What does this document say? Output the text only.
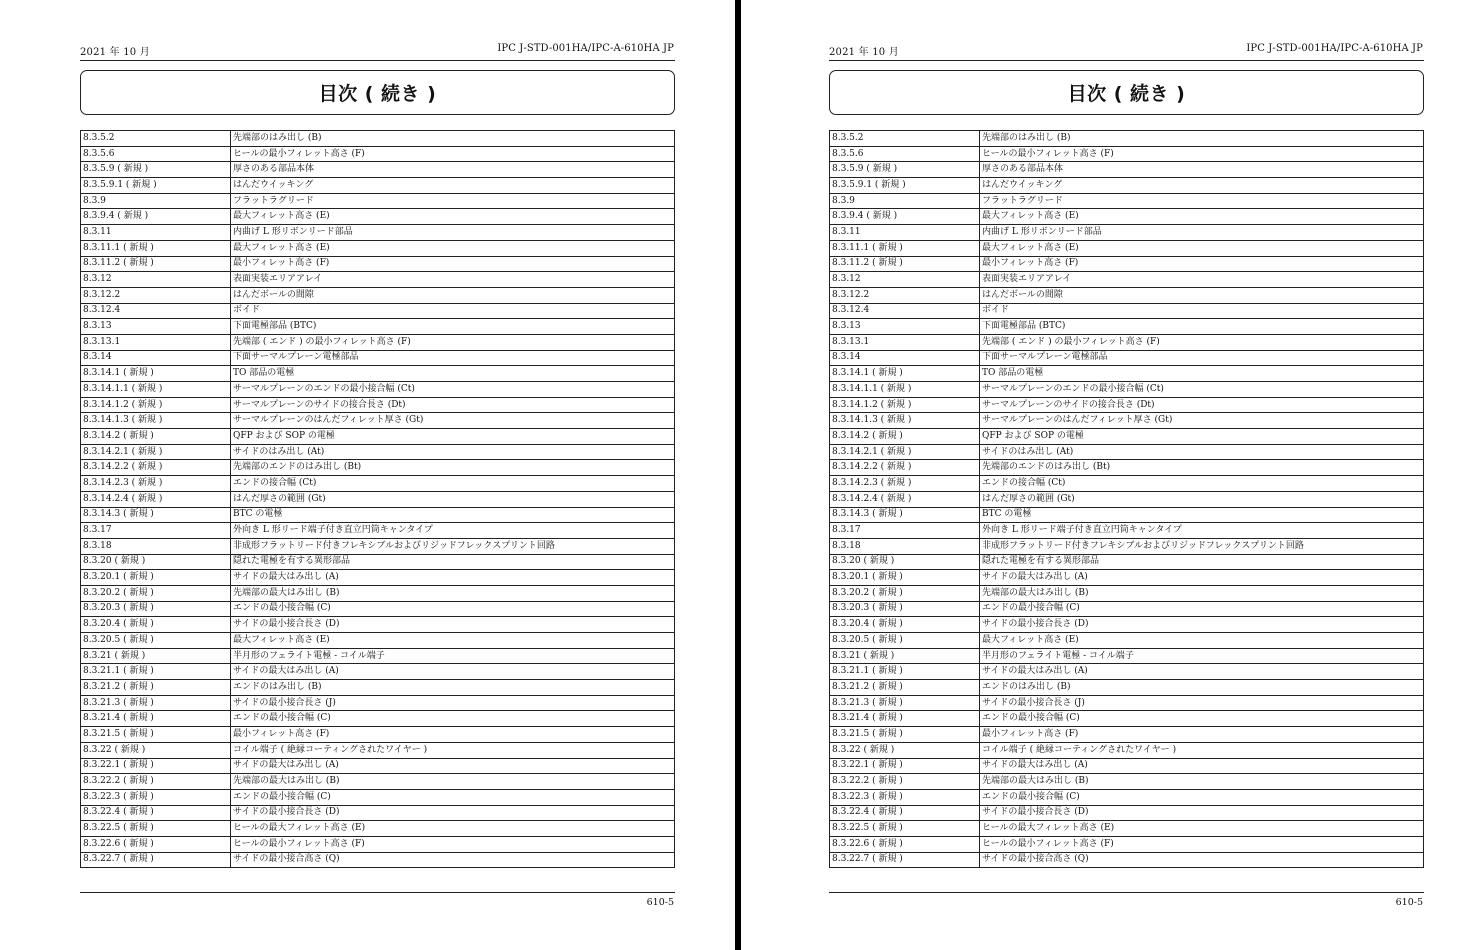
2021 年 10 月	IPC J-STD-001HA/IPC-A-610HA JP
目次 ( 続き )
8.3.5.2	先端部のはみ出し (B)
8.3.5.6	ヒールの最小フィレット高さ (F)
8.3.5.9 ( 新規 )	厚さのある部品本体
8.3.5.9.1 ( 新規 )	はんだウイッキング
8.3.9	フラットラグリード
8.3.9.4 ( 新規 )	最大フィレット高さ (E)
8.3.11	内曲げ L 形リボンリード部品
8.3.11.1 ( 新規 )	最大フィレット高さ (E)
8.3.11.2 ( 新規 )	最小フィレット高さ (F)
8.3.12	表面実装エリアアレイ
8.3.12.2	はんだボールの間隙
8.3.12.4	ボイド
8.3.13	下面電極部品 (BTC)
8.3.13.1	先端部 ( エンド ) の最小フィレット高さ (F)
8.3.14	下面サーマルプレーン電極部品
8.3.14.1 ( 新規 )	TO 部品の電極
8.3.14.1.1 ( 新規 )	サーマルプレーンのエンドの最小接合幅 (Ct)
8.3.14.1.2 ( 新規 )	サーマルプレーンのサイドの接合長さ (Dt)
8.3.14.1.3 ( 新規 )	サーマルプレーンのはんだフィレット厚さ (Gt)
8.3.14.2 ( 新規 )	QFP および SOP の電極
8.3.14.2.1 ( 新規 )	サイドのはみ出し (At)
8.3.14.2.2 ( 新規 )	先端部のエンドのはみ出し (Bt)
8.3.14.2.3 ( 新規 )	エンドの接合幅 (Ct)
8.3.14.2.4 ( 新規 )	はんだ厚さの範囲 (Gt)
8.3.14.3 ( 新規 )	BTC の電極
8.3.17	外向き L 形リード端子付き直立円筒キャンタイプ
8.3.18	非成形フラットリード付きフレキシブルおよびリジッドフレックスプリント回路
8.3.20 ( 新規 )	隠れた電極を有する異形部品
8.3.20.1 ( 新規 )	サイドの最大はみ出し (A)
8.3.20.2 ( 新規 )	先端部の最大はみ出し (B)
8.3.20.3 ( 新規 )	エンドの最小接合幅 (C)
8.3.20.4 ( 新規 )	サイドの最小接合長さ (D)
8.3.20.5 ( 新規 )	最大フィレット高さ (E)
8.3.21 ( 新規 )	半月形のフェライト電極 - コイル端子
8.3.21.1 ( 新規 )	サイドの最大はみ出し (A)
8.3.21.2 ( 新規 )	エンドのはみ出し (B)
8.3.21.3 ( 新規 )	サイドの最小接合長さ (J)
8.3.21.4 ( 新規 )	エンドの最小接合幅 (C)
8.3.21.5 ( 新規 )	最小フィレット高さ (F)
8.3.22 ( 新規 )	コイル端子 ( 絶縁コーティングされたワイヤー )
8.3.22.1 ( 新規 )	サイドの最大はみ出し (A)
8.3.22.2 ( 新規 )	先端部の最大はみ出し (B)
8.3.22.3 ( 新規 )	エンドの最小接合幅 (C)
8.3.22.4 ( 新規 )	サイドの最小接合長さ (D)
8.3.22.5 ( 新規 )	ヒールの最大フィレット高さ (E)
8.3.22.6 ( 新規 )	ヒールの最小フィレット高さ (F)
8.3.22.7 ( 新規 )	サイドの最小接合高さ (Q)
610-5
2021 年 10 月	IPC J-STD-001HA/IPC-A-610HA JP
目次 ( 続き )
8.3.5.2	先端部のはみ出し (B)
8.3.5.6	ヒールの最小フィレット高さ (F)
8.3.5.9 ( 新規 )	厚さのある部品本体
8.3.5.9.1 ( 新規 )	はんだウイッキング
8.3.9	フラットラグリード
8.3.9.4 ( 新規 )	最大フィレット高さ (E)
8.3.11	内曲げ L 形リボンリード部品
8.3.11.1 ( 新規 )	最大フィレット高さ (E)
8.3.11.2 ( 新規 )	最小フィレット高さ (F)
8.3.12	表面実装エリアアレイ
8.3.12.2	はんだボールの間隙
8.3.12.4	ボイド
8.3.13	下面電極部品 (BTC)
8.3.13.1	先端部 ( エンド ) の最小フィレット高さ (F)
8.3.14	下面サーマルプレーン電極部品
8.3.14.1 ( 新規 )	TO 部品の電極
8.3.14.1.1 ( 新規 )	サーマルプレーンのエンドの最小接合幅 (Ct)
8.3.14.1.2 ( 新規 )	サーマルプレーンのサイドの接合長さ (Dt)
8.3.14.1.3 ( 新規 )	サーマルプレーンのはんだフィレット厚さ (Gt)
8.3.14.2 ( 新規 )	QFP および SOP の電極
8.3.14.2.1 ( 新規 )	サイドのはみ出し (At)
8.3.14.2.2 ( 新規 )	先端部のエンドのはみ出し (Bt)
8.3.14.2.3 ( 新規 )	エンドの接合幅 (Ct)
8.3.14.2.4 ( 新規 )	はんだ厚さの範囲 (Gt)
8.3.14.3 ( 新規 )	BTC の電極
8.3.17	外向き L 形リード端子付き直立円筒キャンタイプ
8.3.18	非成形フラットリード付きフレキシブルおよびリジッドフレックスプリント回路
8.3.20 ( 新規 )	隠れた電極を有する異形部品
8.3.20.1 ( 新規 )	サイドの最大はみ出し (A)
8.3.20.2 ( 新規 )	先端部の最大はみ出し (B)
8.3.20.3 ( 新規 )	エンドの最小接合幅 (C)
8.3.20.4 ( 新規 )	サイドの最小接合長さ (D)
8.3.20.5 ( 新規 )	最大フィレット高さ (E)
8.3.21 ( 新規 )	半月形のフェライト電極 - コイル端子
8.3.21.1 ( 新規 )	サイドの最大はみ出し (A)
8.3.21.2 ( 新規 )	エンドのはみ出し (B)
8.3.21.3 ( 新規 )	サイドの最小接合長さ (J)
8.3.21.4 ( 新規 )	エンドの最小接合幅 (C)
8.3.21.5 ( 新規 )	最小フィレット高さ (F)
8.3.22 ( 新規 )	コイル端子 ( 絶縁コーティングされたワイヤー )
8.3.22.1 ( 新規 )	サイドの最大はみ出し (A)
8.3.22.2 ( 新規 )	先端部の最大はみ出し (B)
8.3.22.3 ( 新規 )	エンドの最小接合幅 (C)
8.3.22.4 ( 新規 )	サイドの最小接合長さ (D)
8.3.22.5 ( 新規 )	ヒールの最大フィレット高さ (E)
8.3.22.6 ( 新規 )	ヒールの最小フィレット高さ (F)
8.3.22.7 ( 新規 )	サイドの最小接合高さ (Q)
610-5
